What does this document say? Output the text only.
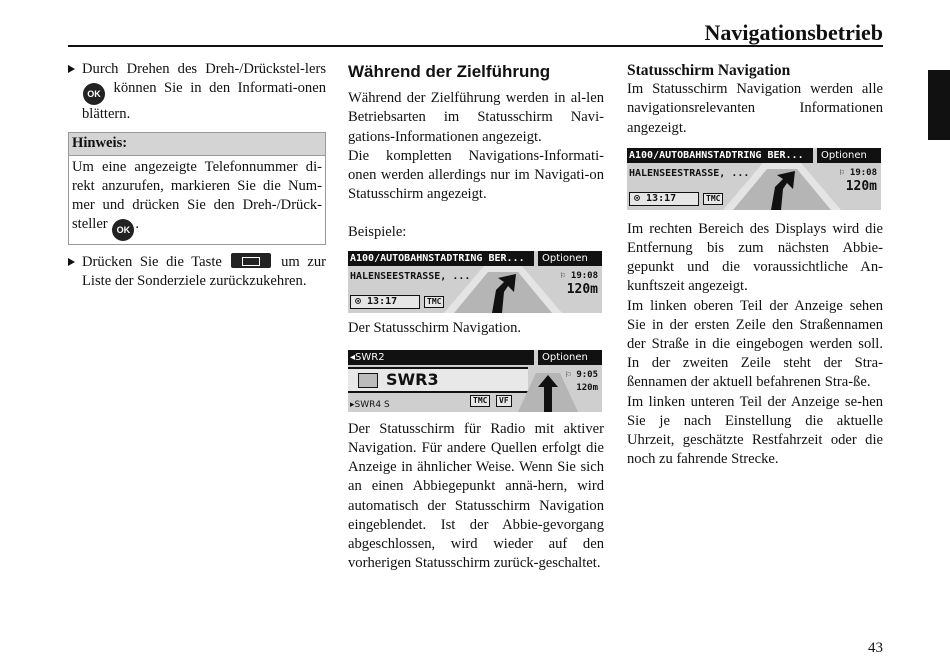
Navigationsbetrieb
Durch Drehen des Dreh-/Drückstel-lers OK können Sie in den Informati-onen blättern.
Hinweis:
Um eine angezeigte Telefonnummer di-rekt anzurufen, markieren Sie die Num-mer und drücken Sie den Dreh-/Drück-steller OK .
Drücken Sie die Taste	um zur Liste der Sonderziele zurückzukehren.
Während der Zielführung

Während der Zielführung werden in al-len Betriebsarten im Statusschirm Navi-gations-Informationen angezeigt.

Die kompletten Navigations-Informati-onen werden allerdings nur im Navigati-on Statusschirm angezeigt.

Beispiele:

A100/AUTOBAHNSTADTRING BER...	Optionen
HALENSEESTRASSE, ...	⚐ 19:08
120m
⊙ 13:17	TMC

Der Statusschirm Navigation.

◂SWR2	Optionen
SWR3	⚐ 9:05
120m
▸SWR4 S	TMC	VF

Der Statusschirm für Radio mit aktiver Navigation. Für andere Quellen erfolgt die Anzeige in ähnlicher Weise. Wenn Sie sich an einen Abbiegepunkt annä-hern, wird automatisch der Statusschirm Navigation eingeblendet. Ist der Abbie-gevorgang abgeschlossen, wird wieder auf den vorherigen Statusschirm zurück-geschaltet.

Statusschirm Navigation

Im Statusschirm Navigation werden alle navigationsrelevanten Informationen angezeigt.

A100/AUTOBAHNSTADTRING BER...	Optionen
HALENSEESTRASSE, ...	⚐ 19:08
120m
⊙ 13:17	TMC

Im rechten Bereich des Displays wird die Entfernung bis zum nächsten Abbie-gepunkt und die voraussichtliche An-kunftszeit angezeigt.

Im linken oberen Teil der Anzeige sehen Sie in der ersten Zeile den Straßennamen der Straße in die eingebogen werden soll. In der zweiten Zeile steht der Stra-ßennamen der aktuell befahrenen Stra-ße.

Im linken unteren Teil der Anzeige se-hen Sie je nach Einstellung die aktuelle Uhrzeit, geschätzte Restfahrzeit oder die noch zu fahrende Strecke.

43
